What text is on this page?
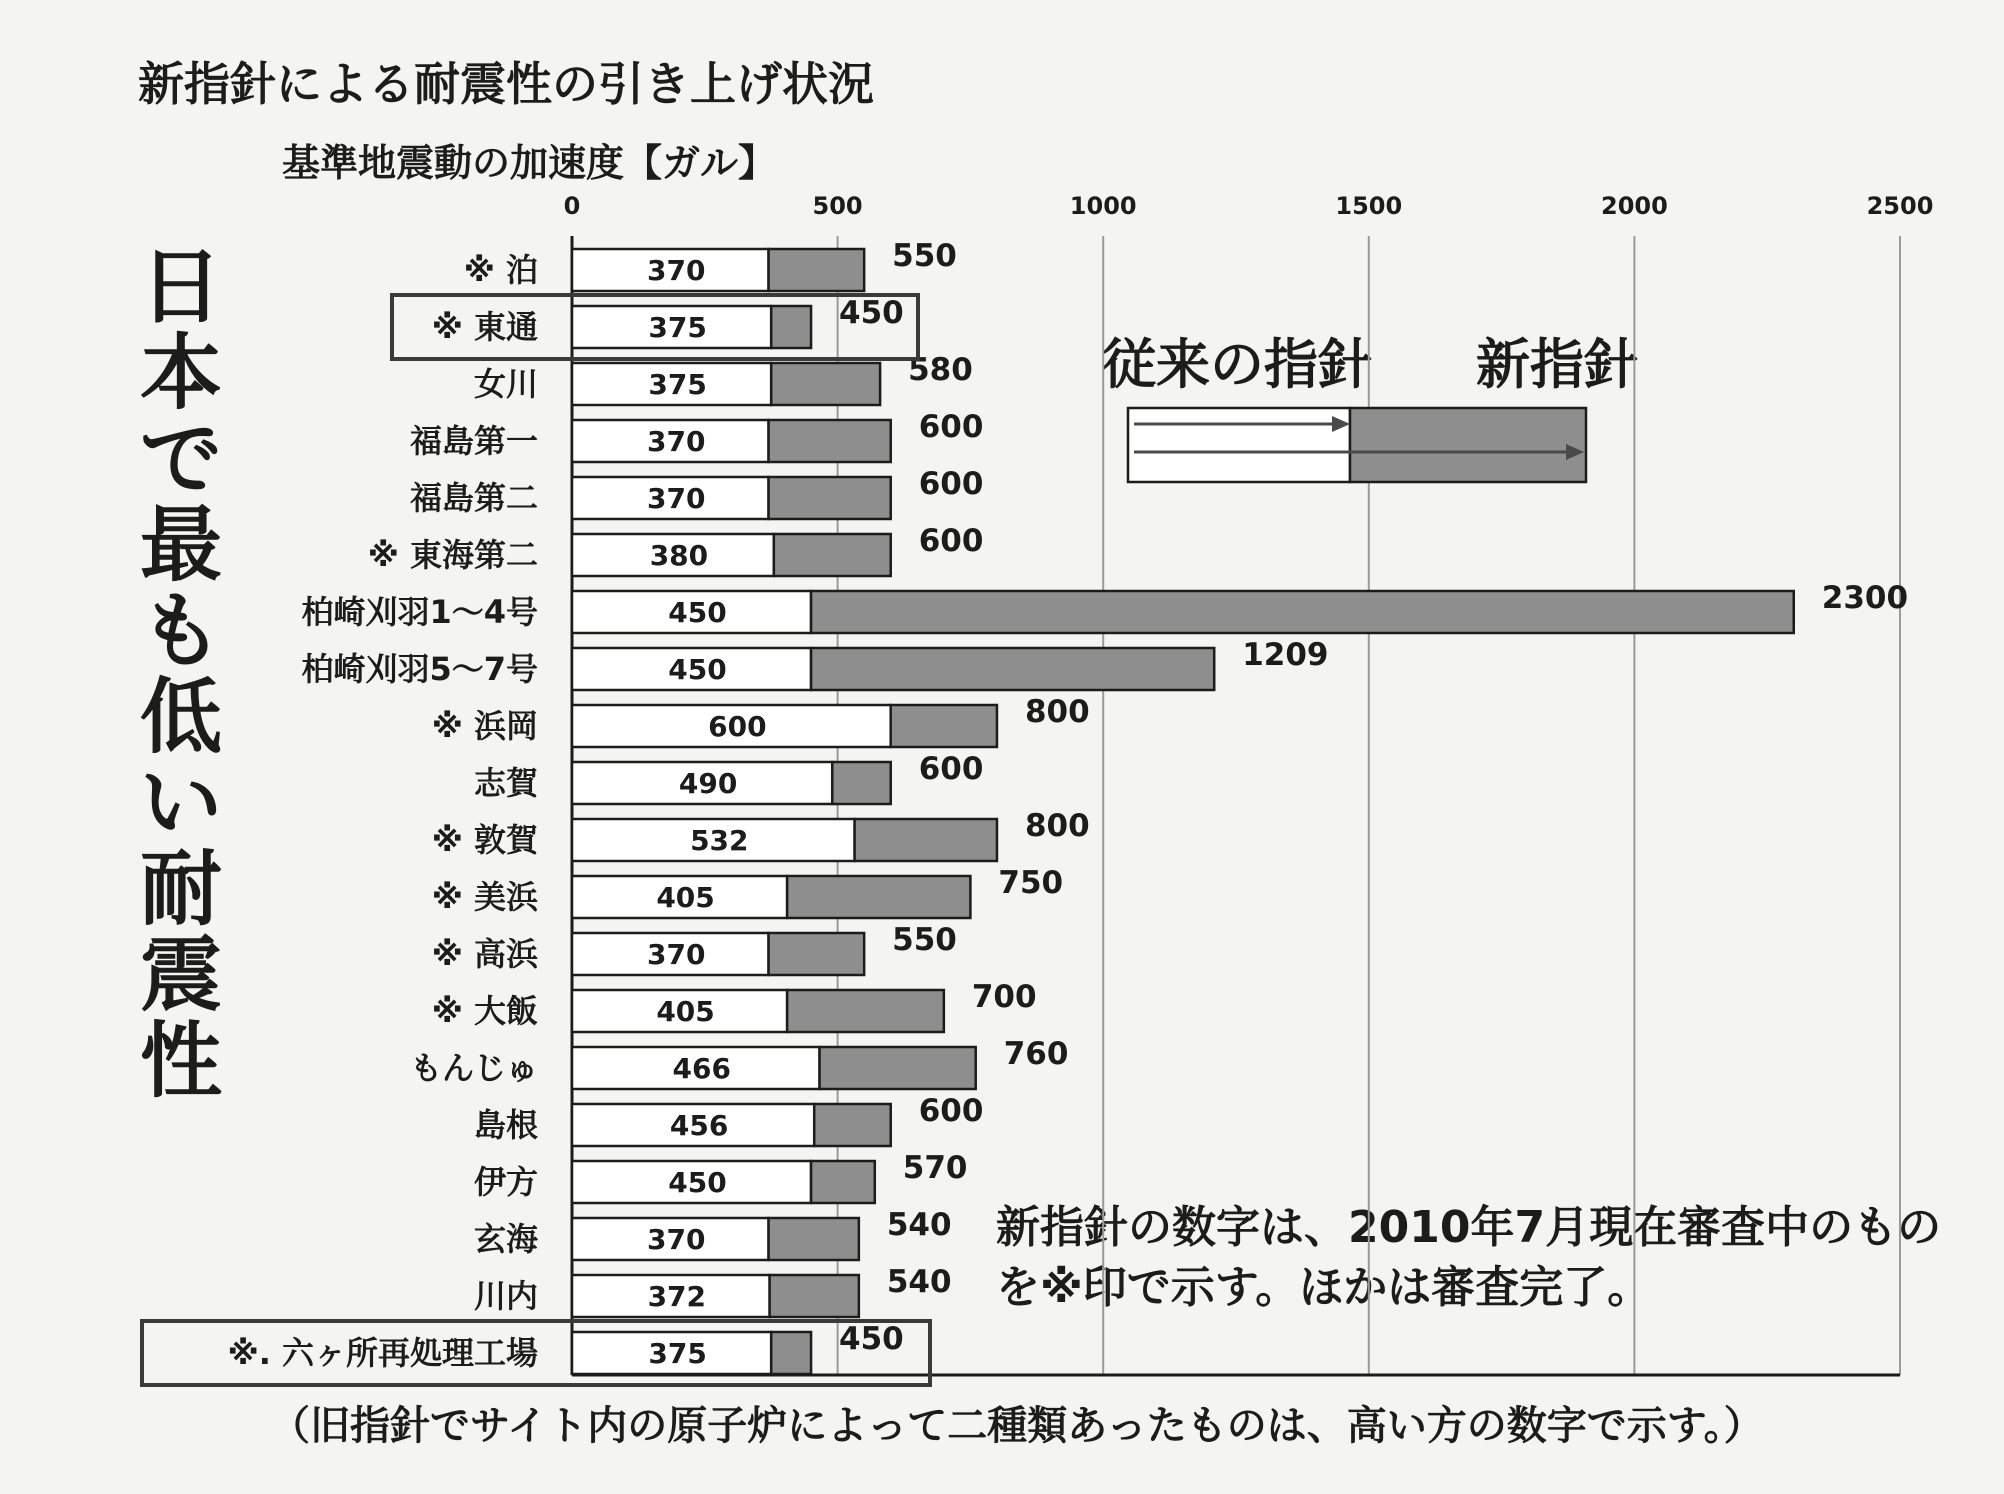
新指針による耐震性の引き上げ状況
基準地震動の加速度【ガル】
日本で最も低い耐震性
従来の指針 新指針
新指針の数字は、2010年7月現在審査中のものを※印で示す。ほかは審査完了。
（旧指針でサイト内の原子炉によって二種類あったものは、高い方の数字で示す。）
0	500	1000	1500	2000	2500
※ 泊	370	550
※ 東通	375	450
女川	375	580
福島第一	370	600
福島第二	370	600
※ 東海第二	380	600
柏崎刈羽1～4号	450	2300
柏崎刈羽5～7号	450	1209
※ 浜岡	600	800
志賀	490	600
※ 敦賀	532	800
※ 美浜	405	750
※ 高浜	370	550
※ 大飯	405	700
もんじゅ	466	760
島根	456	600
伊方	450	570
玄海	370	540
川内	372	540
※. 六ヶ所再処理工場	375	450
